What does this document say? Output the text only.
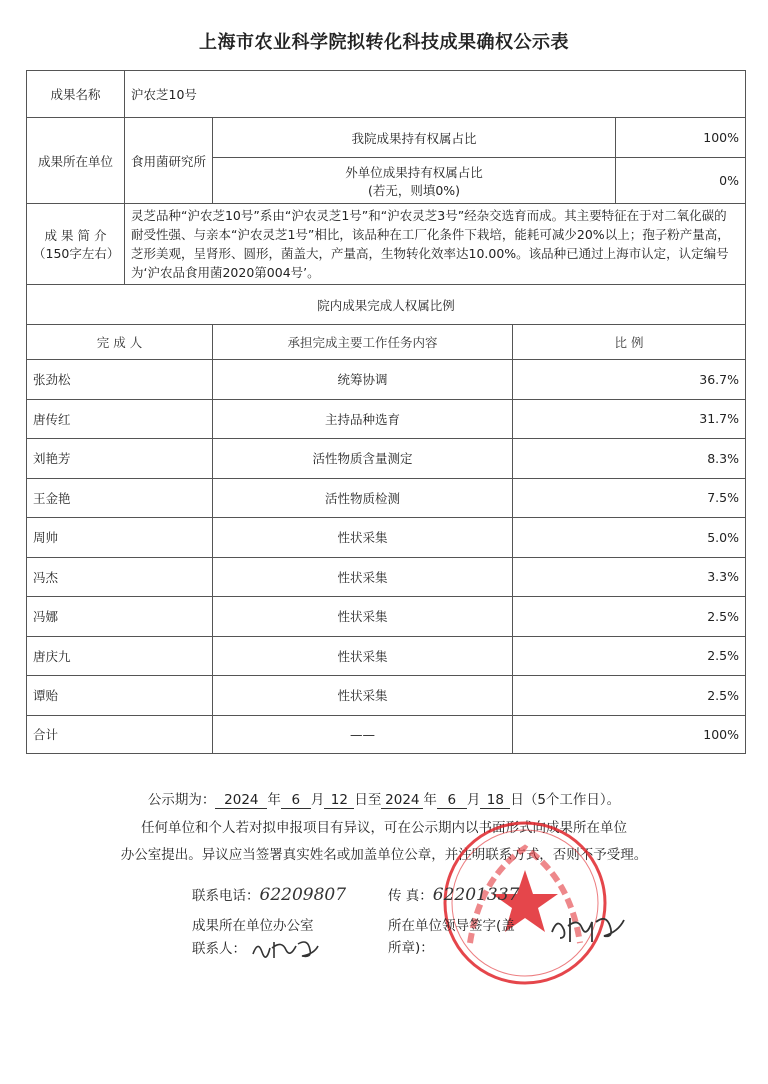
上海市农业科学院拟转化科技成果确权公示表
成果名称	沪农芝10号			
成果所在单位	食用菌研究所	我院成果持有权属占比		100%

		外单位成果持有权属占比
(若无，则填0%)		0%

成 果 简 介
（150字左右）	灵芝品种“沪农芝10号”系由“沪农灵芝1号”和“沪农灵芝3号”经杂交选育而成。其主要特征在于对二氧化碳的耐受性强、与亲本“沪农灵芝1号”相比，该品种在工厂化条件下栽培，能耗可减少20%以上；孢子粉产量高，芝形美观，呈肾形、圆形，菌盖大，产量高，生物转化效率达10.00%。该品种已通过上海市认定，认定编号为‘沪农品食用菌2020第004号’。			
院内成果完成人权属比例				
完 成 人		承担完成主要工作任务内容	比 例	
张劲松		统筹协调	36.7%	
唐传红		主持品种选育	31.7%	
刘艳芳		活性物质含量测定	8.3%	
王金艳		活性物质检测	7.5%	
周帅		性状采集	5.0%	
冯杰		性状采集	3.3%	
冯娜		性状采集	2.5%	
唐庆九		性状采集	2.5%	
谭贻		性状采集	2.5%	
合计		——	100%	
公示期为： 2024 年 6 月 12 日至 2024 年 6 月 18 日（5个工作日）。
任何单位和个人若对拟申报项目有异议，可在公示期内以书面形式向成果所在单位
办公室提出。异议应当签署真实姓名或加盖单位公章，并注明联系方式，否则不予受理。
联系电话：62209807	传 真：62201337
成果所在单位办公室
联系人：
所在单位领导签字(盖
所章)：
